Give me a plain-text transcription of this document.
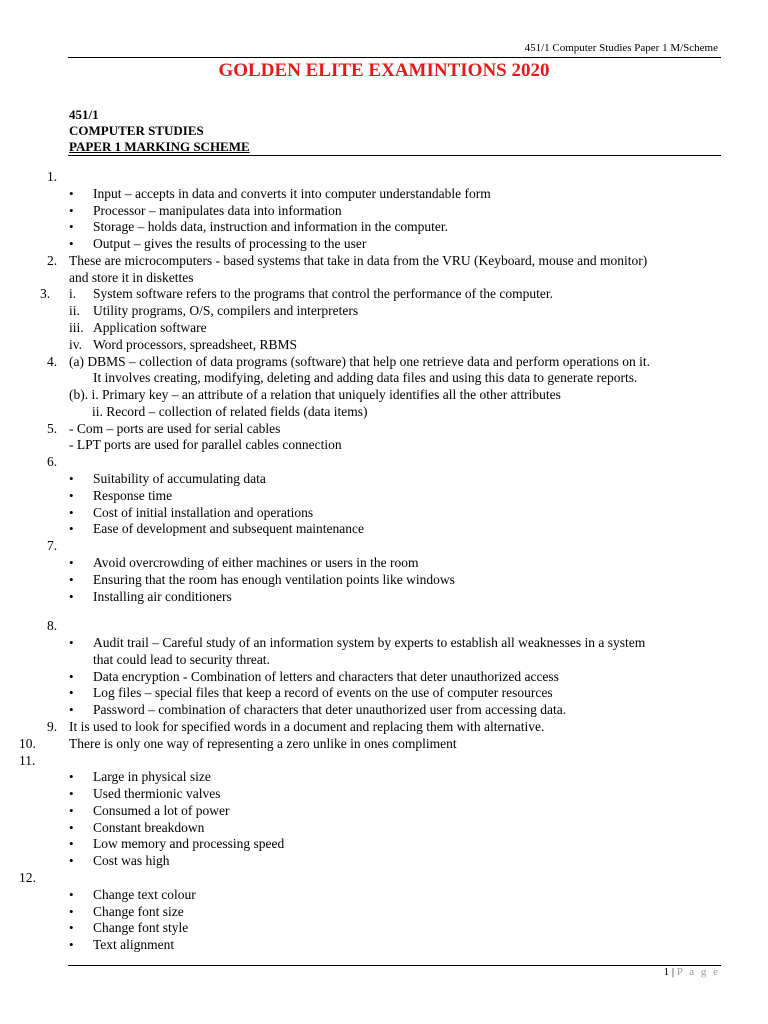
451/1 Computer Studies Paper 1 M/Scheme
GOLDEN ELITE EXAMINTIONS 2020
451/1
COMPUTER STUDIES
PAPER 1 MARKING SCHEME
1.
• Input – accepts in data and converts it into computer understandable form
• Processor – manipulates data into information
• Storage – holds data, instruction and information in the computer.
• Output – gives the results of processing to the user
2. These are microcomputers - based systems that take in data from the VRU (Keyboard, mouse and monitor)
and store it in diskettes
3. i. System software refers to the programs that control the performance of the computer.
ii. Utility programs, O/S, compilers and interpreters
iii. Application software
iv. Word processors, spreadsheet, RBMS
4. (a) DBMS – collection of data programs (software) that help one retrieve data and perform operations on it.
It involves creating, modifying, deleting and adding data files and using this data to generate reports.
(b). i. Primary key – an attribute of a relation that uniquely identifies all the other attributes
ii. Record – collection of related fields (data items)
5. - Com – ports are used for serial cables
- LPT ports are used for parallel cables connection
6.
• Suitability of accumulating data
• Response time
• Cost of initial installation and operations
• Ease of development and subsequent maintenance
7.
• Avoid overcrowding of either machines or users in the room
• Ensuring that the room has enough ventilation points like windows
• Installing air conditioners
8.
• Audit trail – Careful study of an information system by experts to establish all weaknesses in a system
that could lead to security threat.
• Data encryption - Combination of letters and characters that deter unauthorized access
• Log files – special files that keep a record of events on the use of computer resources
• Password – combination of characters that deter unauthorized user from accessing data.
9. It is used to look for specified words in a document and replacing them with alternative.
10. There is only one way of representing a zero unlike in ones compliment
11.
• Large in physical size
• Used thermionic valves
• Consumed a lot of power
• Constant breakdown
• Low memory and processing speed
• Cost was high
12.
• Change text colour
• Change font size
• Change font style
• Text alignment
1 | P a g e
